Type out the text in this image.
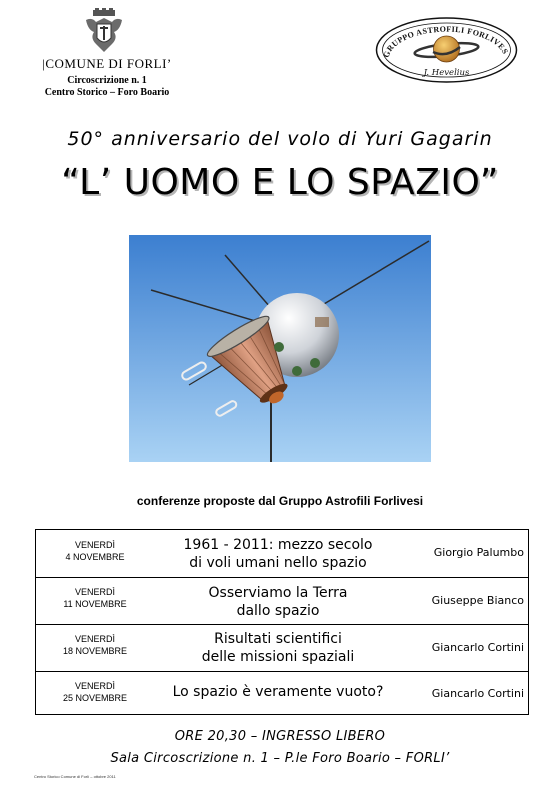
|COMUNE DI FORLI’
Circoscrizione n. 1
Centro Storico – Foro Boario
GRUPPO ASTROFILI FORLIVES
J. Hevelius
50° anniversario del volo di Yuri Gagarin
“L’ UOMO E LO SPAZIO”
conferenze proposte dal Gruppo Astrofili Forlivesi
VENERDÌ
4 NOVEMBRE
1961 - 2011: mezzo secolo
di voli umani nello spazio
Giorgio Palumbo
VENERDÌ
11 NOVEMBRE
Osserviamo la Terra
dallo spazio
Giuseppe Bianco
VENERDÌ
18 NOVEMBRE
Risultati scientifici
delle missioni spaziali
Giancarlo Cortini
VENERDÌ
25 NOVEMBRE	Lo spazio è veramente vuoto?	Giancarlo Cortini
ORE 20,30 – INGRESSO LIBERO
Sala Circoscrizione n. 1 – P.le Foro Boario – FORLI’
Centro Storico Comune di Forlì – ottobre 2011
